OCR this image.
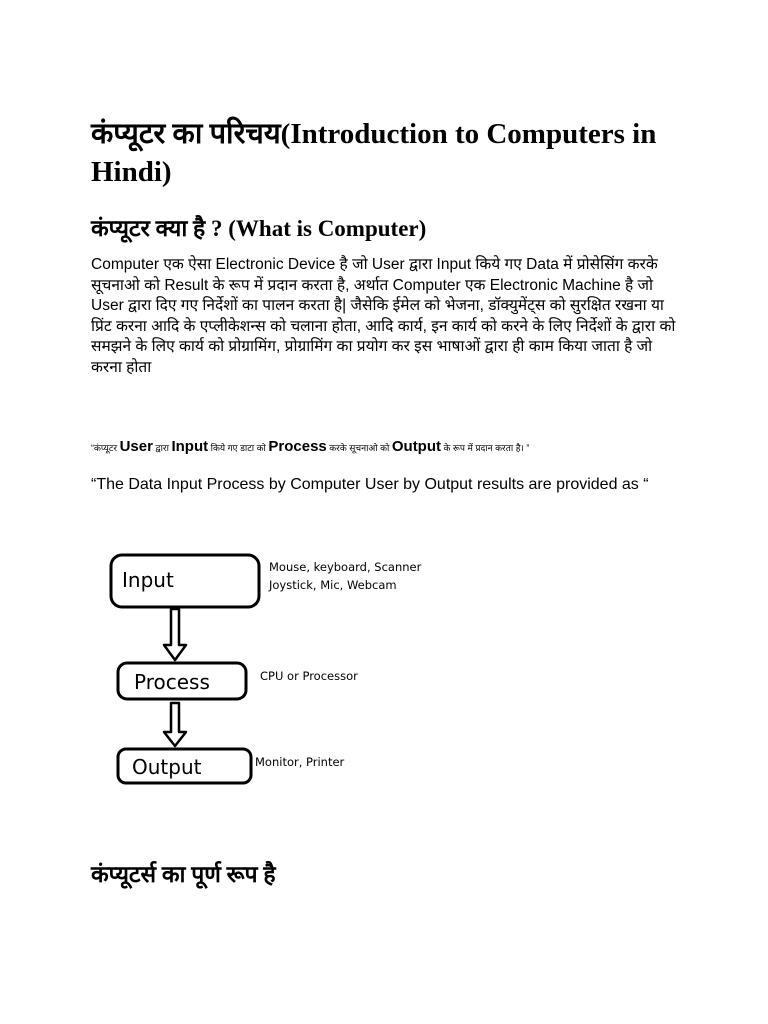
कंप्यूटर का परिचय(Introduction to Computers in Hindi)
कंप्यूटर क्या है ? (What is Computer)

Computer एक ऐसा Electronic Device है जो User द्वारा Input किये गए Data में प्रोसेसिंग करके सूचनाओ को Result के रूप में प्रदान करता है, अर्थात Computer एक Electronic Machine है जो User द्वारा दिए गए निर्देशों का पालन करता है| जैसेकि ईमेल को भेजना, डॉक्युमेंट्स को सुरक्षित रखना या प्रिंट करना आदि के एप्लीकेशन्स को चलाना होता, आदि कार्य, इन कार्य को करने के लिए निर्देशों के द्वारा को समझने के लिए कार्य को प्रोग्रामिंग, प्रोग्रामिंग का प्रयोग कर इस भाषाओं द्वारा ही काम किया जाता है जो करना होता

“कंप्यूटर User द्वारा Input किये गए डाटा को Process करके सूचनाओ को Output के रूप में प्रदान करता है। ”

“The Data Input Process by Computer User by Output results are provided as “

Input
Mouse, keyboard, Scanner
Joystick, Mic, Webcam
Process	CPU or Processor
Output	Monitor, Printer
कंप्यूटर्स का पूर्ण रूप है
